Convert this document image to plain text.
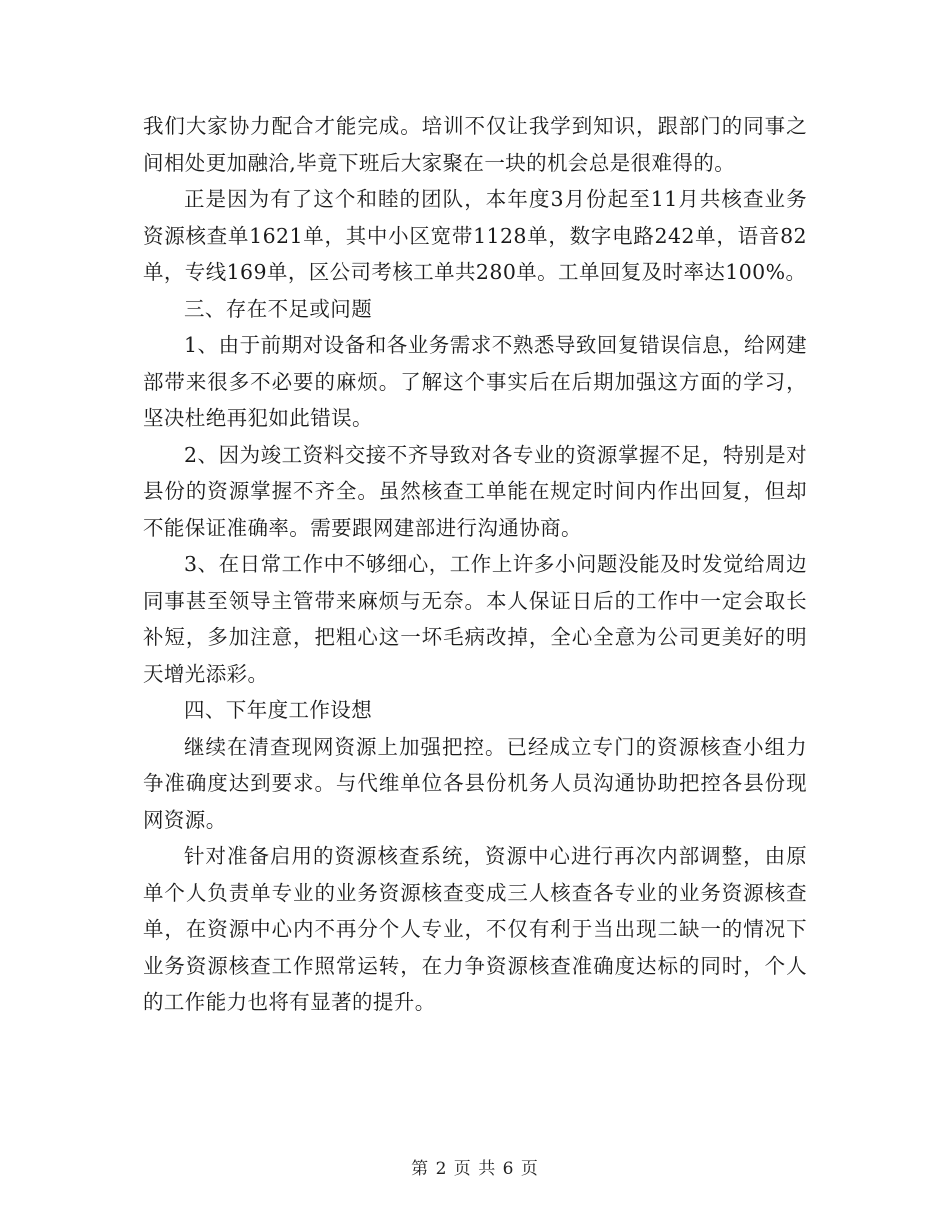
我们大家协力配合才能完成。培训不仅让我学到知识，跟部门的同事之间相处更加融洽,毕竟下班后大家聚在一块的机会总是很难得的。

正是因为有了这个和睦的团队，本年度3月份起至11月共核查业务资源核查单1621单，其中小区宽带1128单，数字电路242单，语音82单，专线169单，区公司考核工单共280单。工单回复及时率达100%。

三、存在不足或问题

1、由于前期对设备和各业务需求不熟悉导致回复错误信息，给网建部带来很多不必要的麻烦。了解这个事实后在后期加强这方面的学习，坚决杜绝再犯如此错误。

2、因为竣工资料交接不齐导致对各专业的资源掌握不足，特别是对县份的资源掌握不齐全。虽然核查工单能在规定时间内作出回复，但却不能保证准确率。需要跟网建部进行沟通协商。

3、在日常工作中不够细心，工作上许多小问题没能及时发觉给周边同事甚至领导主管带来麻烦与无奈。本人保证日后的工作中一定会取长补短，多加注意，把粗心这一坏毛病改掉，全心全意为公司更美好的明天增光添彩。

四、下年度工作设想

继续在清查现网资源上加强把控。已经成立专门的资源核查小组力争准确度达到要求。与代维单位各县份机务人员沟通协助把控各县份现网资源。

针对准备启用的资源核查系统，资源中心进行再次内部调整，由原单个人负责单专业的业务资源核查变成三人核查各专业的业务资源核查单，在资源中心内不再分个人专业，不仅有利于当出现二缺一的情况下业务资源核查工作照常运转，在力争资源核查准确度达标的同时，个人的工作能力也将有显著的提升。

第 2 页 共 6 页
